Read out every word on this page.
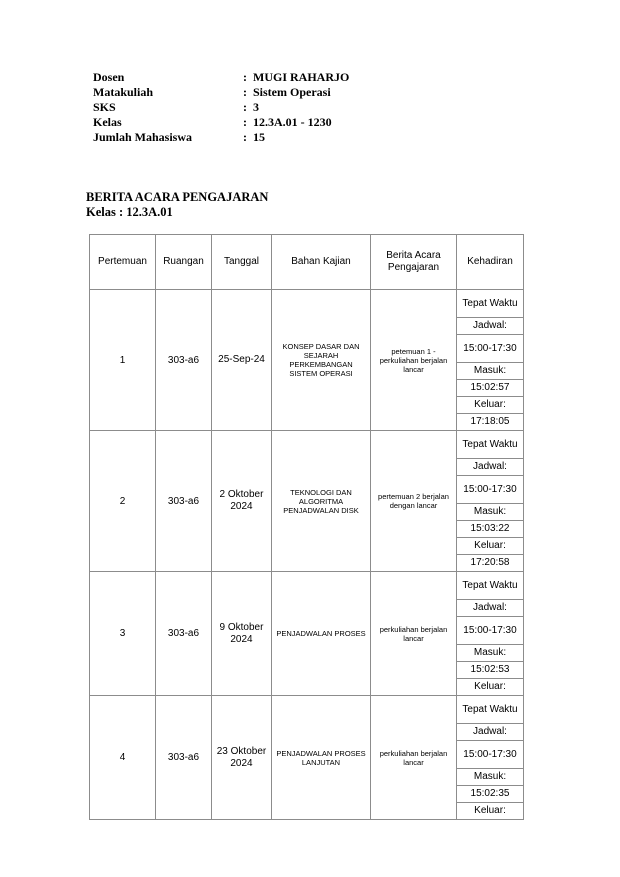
Dosen	: MUGI RAHARJO
Matakuliah	: Sistem Operasi
SKS	: 3
Kelas	: 12.3A.01 - 1230
Jumlah Mahasiswa	: 15
BERITA ACARA PENGAJARAN
Kelas : 12.3A.01
Pertemuan	Ruangan	Tanggal	Bahan Kajian	Berita Acara Pengajaran	Kehadiran
1	303-a6	25-Sep-24	KONSEP DASAR DAN SEJARAH PERKEMBANGAN SISTEM OPERASI	petemuan 1 - perkuliahan berjalan lancar	Tepat Waktu
					Jadwal:
					15:00-17:30
					Masuk:
					15:02:57
					Keluar:
					17:18:05
2	303-a6	2 Oktober 2024	TEKNOLOGI DAN ALGORITMA PENJADWALAN DISK	pertemuan 2 berjalan dengan lancar	Tepat Waktu
					Jadwal:
					15:00-17:30
					Masuk:
					15:03:22
					Keluar:
					17:20:58
3	303-a6	9 Oktober 2024	PENJADWALAN PROSES	perkuliahan berjalan lancar	Tepat Waktu
					Jadwal:
					15:00-17:30
					Masuk:
					15:02:53
					Keluar:
4	303-a6	23 Oktober 2024	PENJADWALAN PROSES LANJUTAN	perkuliahan berjalan lancar	Tepat Waktu
					Jadwal:
					15:00-17:30
					Masuk:
					15:02:35
					Keluar:
